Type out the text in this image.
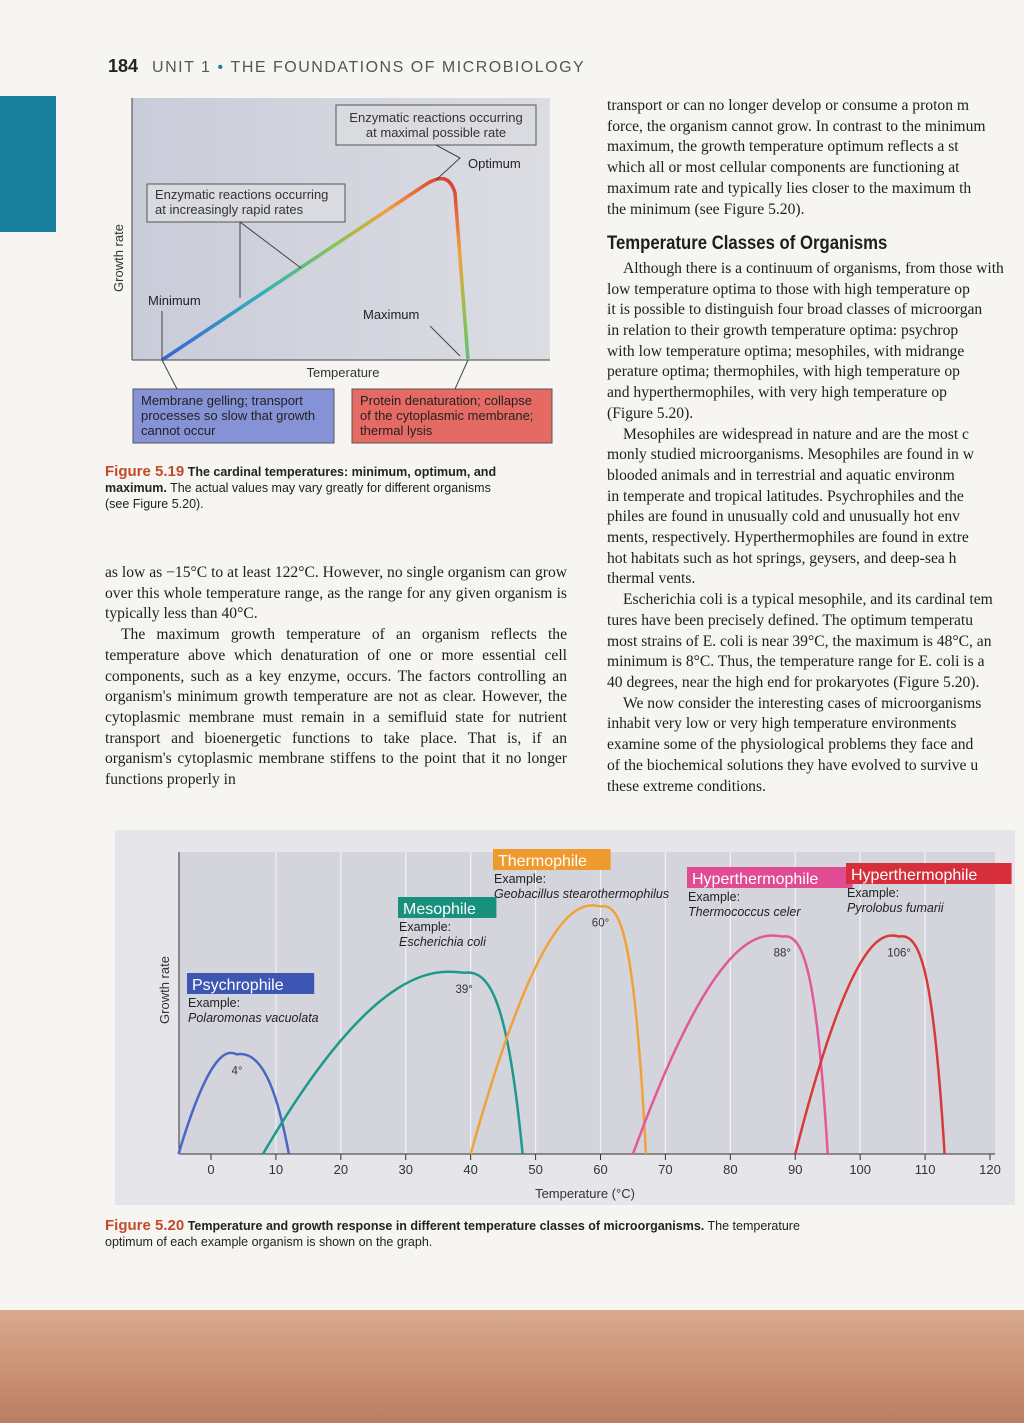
184 UNIT 1 • THE FOUNDATIONS OF MICROBIOLOGY
Growth rate
Temperature
Enzymatic reactions occurring
at maximal possible rate
Optimum
Enzymatic reactions occurring
at increasingly rapid rates
Minimum
Maximum
Membrane gelling; transport
processes so slow that growth
cannot occur
Protein denaturation; collapse
of the cytoplasmic membrane;
thermal lysis
Figure 5.19 The cardinal temperatures: minimum, optimum, and maximum. The actual values may vary greatly for different organisms (see Figure 5.20).

as low as −15°C to at least 122°C. However, no single organism can grow over this whole temperature range, as the range for any given organism is typically less than 40°C.

The maximum growth temperature of an organism reflects the temperature above which denaturation of one or more essential cell components, such as a key enzyme, occurs. The factors controlling an organism's minimum growth temperature are not as clear. However, the cytoplasmic membrane must remain in a semifluid state for nutrient transport and bioenergetic functions to take place. That is, if an organism's cytoplasmic membrane stiffens to the point that it no longer functions properly in

transport or can no longer develop or consume a proton m
force, the organism cannot grow. In contrast to the minimum
maximum, the growth temperature optimum reflects a st
which all or most cellular components are functioning at
maximum rate and typically lies closer to the maximum th
the minimum (see Figure 5.20).
Temperature Classes of Organisms
Although there is a continuum of organisms, from those with
low temperature optima to those with high temperature op
it is possible to distinguish four broad classes of microorgan
in relation to their growth temperature optima: psychrop
with low temperature optima; mesophiles, with midrange
perature optima; thermophiles, with high temperature op
and hyperthermophiles, with very high temperature op
(Figure 5.20).
Mesophiles are widespread in nature and are the most c
monly studied microorganisms. Mesophiles are found in w
blooded animals and in terrestrial and aquatic environm
in temperate and tropical latitudes. Psychrophiles and the
philes are found in unusually cold and unusually hot env
ments, respectively. Hyperthermophiles are found in extre
hot habitats such as hot springs, geysers, and deep-sea h
thermal vents.
Escherichia coli is a typical mesophile, and its cardinal tem
tures have been precisely defined. The optimum temperatu
most strains of E. coli is near 39°C, the maximum is 48°C, an
minimum is 8°C. Thus, the temperature range for E. coli is a
40 degrees, near the high end for prokaryotes (Figure 5.20).
We now consider the interesting cases of microorganisms
inhabit very low or very high temperature environments
examine some of the physiological problems they face and
of the biochemical solutions they have evolved to survive u
these extreme conditions.
Growth rate
Temperature (°C)
0	10	20	30	40	50	60	70	80	90	100	110	120
4°
39°
60°
88°	106°
Psychrophile
Example:
Polaromonas vacuolata
Mesophile
Example:
Escherichia coli
Thermophile
Example:
Geobacillus stearothermophilus
Hyperthermophile
Example:
Thermococcus celer
Hyperthermophile
Example:
Pyrolobus fumarii
Figure 5.20 Temperature and growth response in different temperature classes of microorganisms. The temperature optimum of each example organism is shown on the graph.
